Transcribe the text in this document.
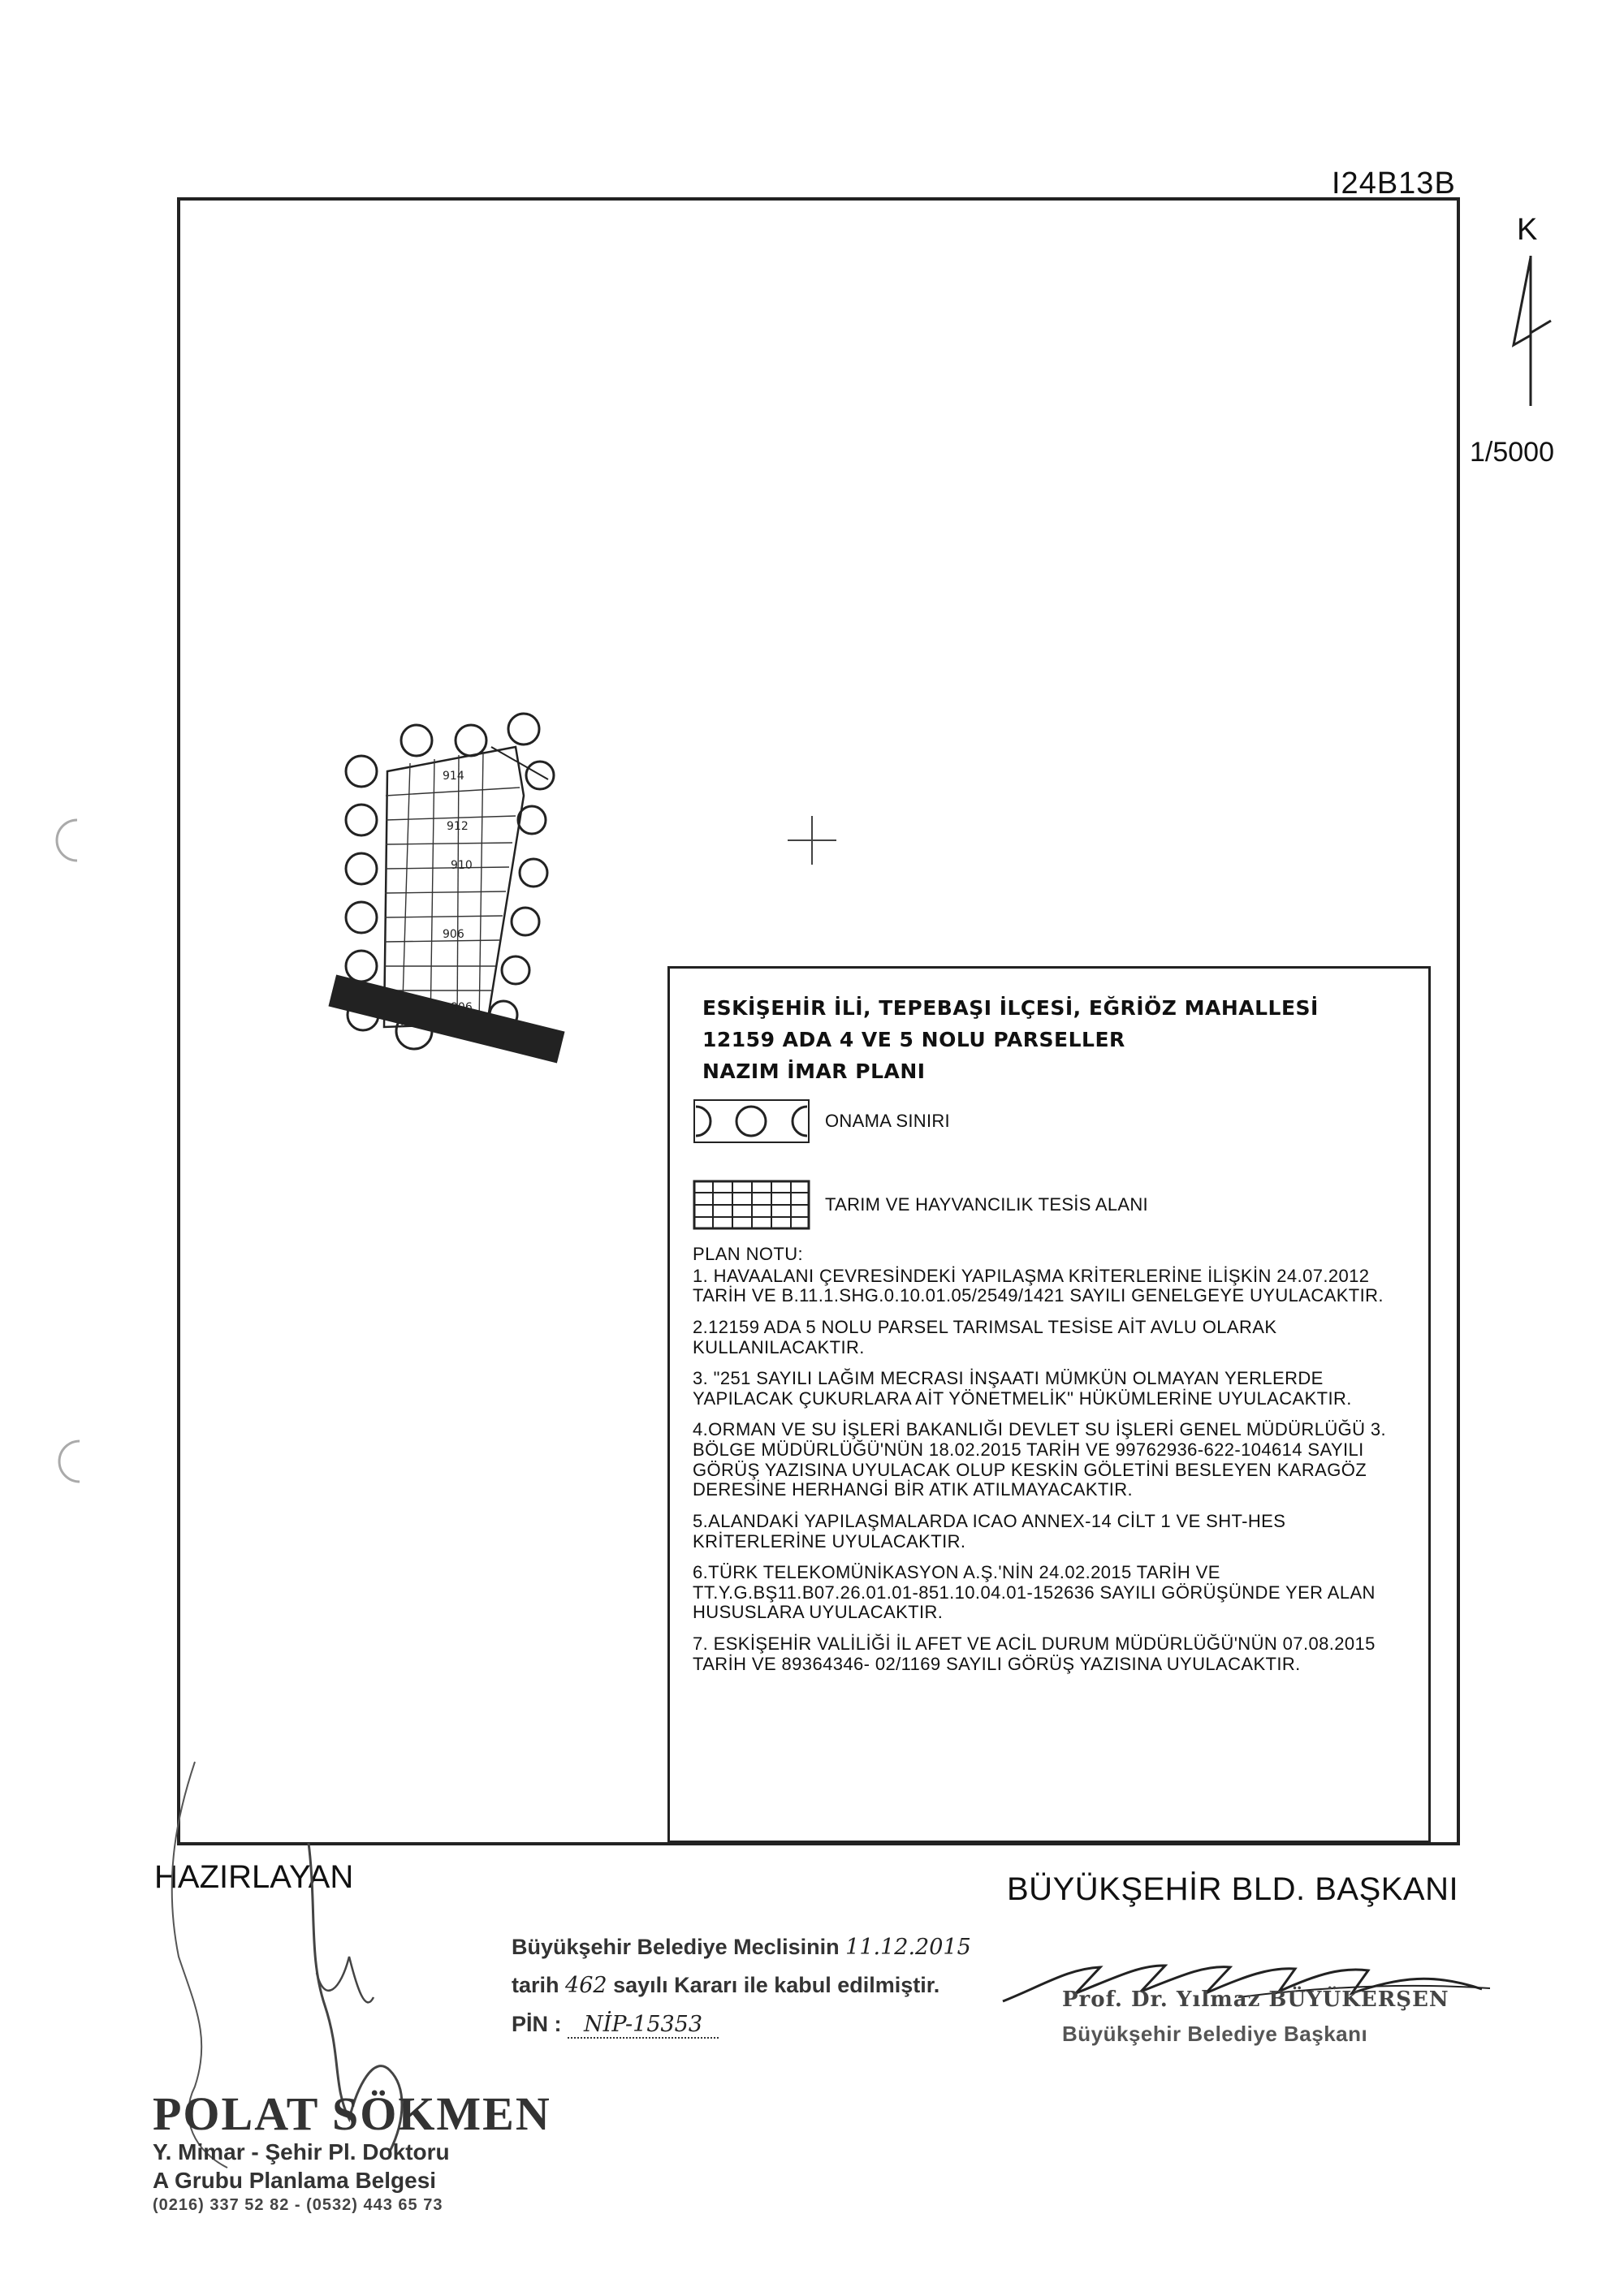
I24B13B
K
1/5000
914
912
910
906
906	ESKİŞEHİR İLİ, TEPEBAŞI İLÇESİ, EĞRİÖZ MAHALLESİ
12159 ADA 4 VE 5 NOLU PARSELLER
NAZIM İMAR PLANI
ONAMA SINIRI
TARIM VE HAYVANCILIK TESİS ALANI
PLAN NOTU:
1. HAVAALANI ÇEVRESİNDEKİ YAPILAŞMA KRİTERLERİNE İLİŞKİN 24.07.2012 TARİH VE B.11.1.SHG.0.10.01.05/2549/1421 SAYILI GENELGEYE UYULACAKTIR.
2.12159 ADA 5 NOLU PARSEL TARIMSAL TESİSE AİT AVLU OLARAK KULLANILACAKTIR.
3. "251 SAYILI LAĞIM MECRASI İNŞAATI MÜMKÜN OLMAYAN YERLERDE YAPILACAK ÇUKURLARA AİT YÖNETMELİK" HÜKÜMLERİNE UYULACAKTIR.
4.ORMAN VE SU İŞLERİ BAKANLIĞI DEVLET SU İŞLERİ GENEL MÜDÜRLÜĞÜ 3. BÖLGE MÜDÜRLÜĞÜ'NÜN 18.02.2015 TARİH VE 99762936-622-104614 SAYILI GÖRÜŞ YAZISINA UYULACAK OLUP KESKİN GÖLETİNİ BESLEYEN KARAGÖZ DERESİNE HERHANGİ BİR ATIK ATILMAYACAKTIR.
5.ALANDAKİ YAPILAŞMALARDA ICAO ANNEX-14 CİLT 1 VE SHT-HES KRİTERLERİNE UYULACAKTIR.
6.TÜRK TELEKOMÜNİKASYON A.Ş.'NİN 24.02.2015 TARİH VE TT.Y.G.BŞ11.B07.26.01.01-851.10.04.01-152636 SAYILI GÖRÜŞÜNDE YER ALAN HUSUSLARA UYULACAKTIR.
7. ESKİŞEHİR VALİLİĞİ İL AFET VE ACİL DURUM MÜDÜRLÜĞÜ'NÜN 07.08.2015 TARİH VE 89364346- 02/1169 SAYILI GÖRÜŞ YAZISINA UYULACAKTIR.
HAZIRLAYAN	BÜYÜKŞEHİR BLD. BAŞKANI
Büyükşehir Belediye Meclisinin 11.12.2015
tarih 462 sayılı Kararı ile kabul edilmiştir.
PİN : NİP-15353
Prof. Dr. Yılmaz BÜYÜKERŞEN
Büyükşehir Belediye Başkanı
POLAT SÖKMEN
Y. Mimar - Şehir Pl. Doktoru
A Grubu Planlama Belgesi
(0216) 337 52 82 - (0532) 443 65 73
